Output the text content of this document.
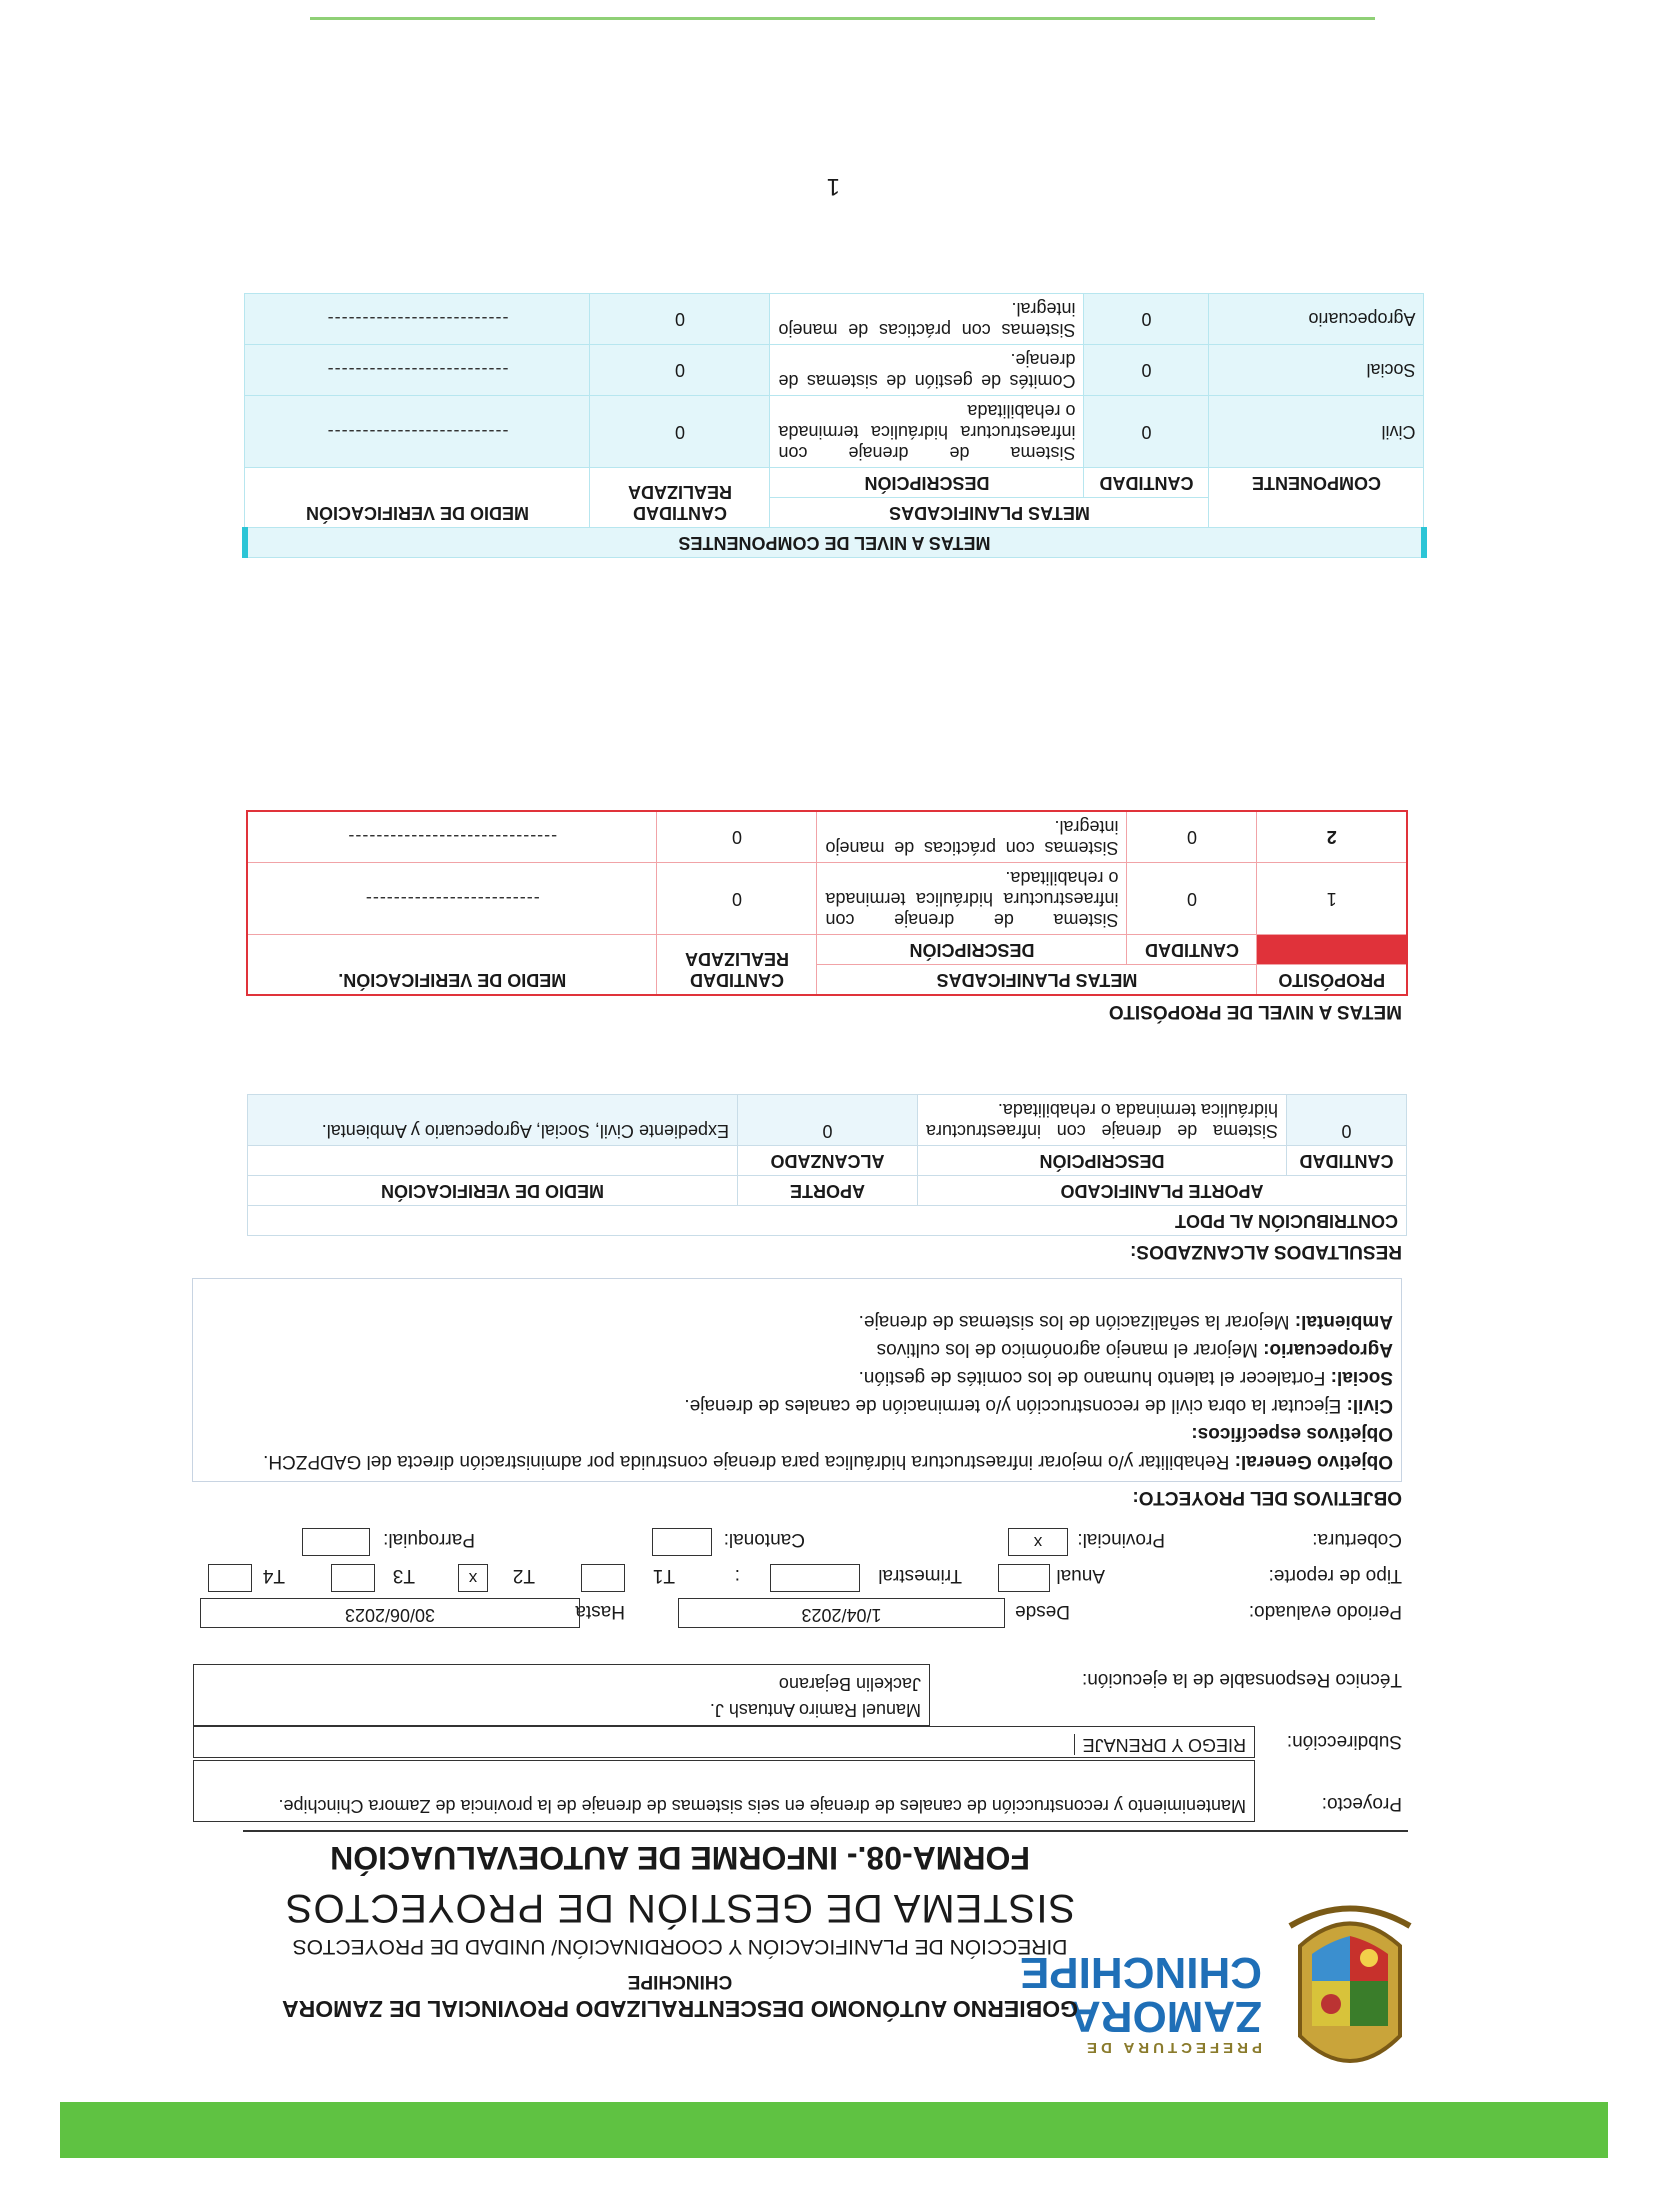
PREFECTURA DE
ZAMORA
CHINCHIPE
GOBIERNO AUTÓNOMO DESCENTRALIZADO PROVINCIAL DE ZAMORA
CHINCHIPE
DIRECCIÓN DE PLANIFICACIÓN Y COORDINACIÓN/ UNIDAD DE PROYECTOS
SISTEMA DE GESTIÓN DE PROYECTOS
FORMA-08.- INFORME DE AUTOEVALUACIÓN
Proyecto:
Mantenimiento y reconstrucción de canales de drenaje en seis sistemas de drenaje de la provincia de Zamora Chinchipe.
Subdirección:
RIEGO Y DRENAJE
Técnico Responsable de la ejecución:
Manuel Ramiro Antuash J.
Jackelin Bejarano
Periodo evaluado:
Desde
1/04/2023
Hasta
30/06/2023
Tipo de reporte:
Anual
Trimestral
:
T1
T2
x
T3
T4
Cobertura:
Provincial:
x
Cantonal:
Parroquial:
OBJETIVOS DEL PROYECTO:
Objetivo General: Rehabilitar y/o mejorar infraestructura hidráulica para drenaje construida por administración directa del GADPZCH.
Objetivos específicos:
Civil: Ejecutar la obra civil de reconstrucción y/o terminación de canales de drenaje.
Social: Fortalecer el talento humano de los comités de gestión.
Agropecuario: Mejorar el manejo agronómico de los cultivos
Ambiental: Mejorar la señalización de los sistemas de drenaje.
RESULTADOS ALCANZADOS:
CONTRIBUCIÓN AL PDOT			
APORTE PLANIFICADO		APORTE	MEDIO DE VERIFICACIÓN
CANTIDAD	DESCRIPCIÓN	ALCANZADO	
0	Sistema de drenaje con infraestructura hidráulica terminada o rehabilitada.	0	Expediente Civil, Social, Agropecuario y Ambiental.
METAS A NIVEL DE PROPÓSITO
PROPÓSITO	METAS PLANIFICADAS		CANTIDAD REALIZADA	MEDIO DE VERIFICACIÓN.
	CANTIDAD	DESCRIPCIÓN		
1	0	Sistema de drenaje con infraestructura hidráulica terminada o rehabilitada.	0	-------------------------
2	0	Sistemas con prácticas de manejo integral.	0	------------------------------
METAS A NIVEL DE COMPONENTES				
COMPONENTE	METAS PLANIFICADAS		CANTIDAD REALIZADA	MEDIO DE VERIFICACIÓN
	CANTIDAD	DESCRIPCIÓN		
Civil	0	Sistema de drenaje con infraestructura hidráulica terminada o rehabilitada	0	--------------------------
Social	0	Comités de gestión de sistemas de drenaje.	0	--------------------------
Agropecuario	0	Sistemas con prácticas de manejo integral.	0	--------------------------
1
